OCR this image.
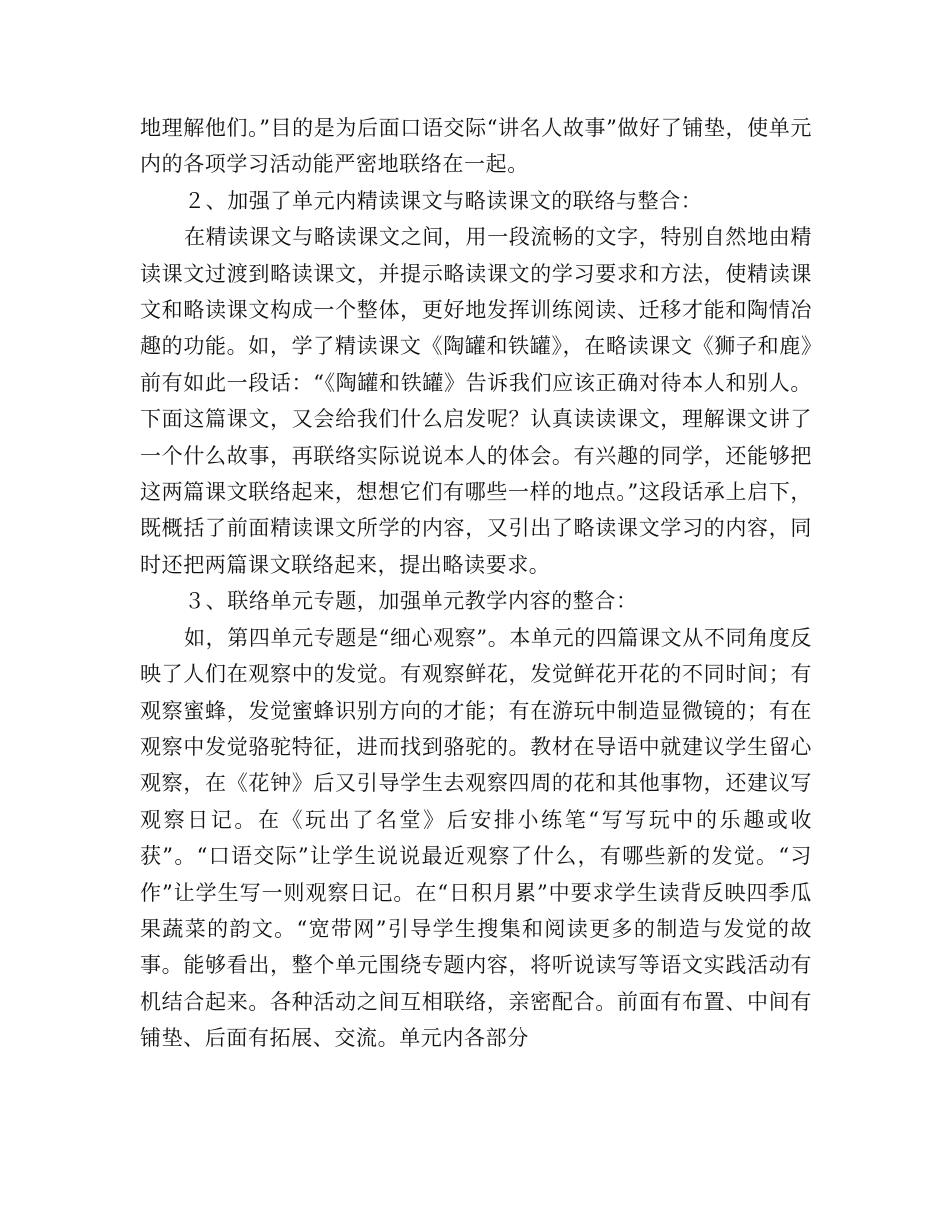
地理解他们。”目的是为后面口语交际“讲名人故事”做好了铺垫，使单元内的各项学习活动能严密地联络在一起。

２、加强了单元内精读课文与略读课文的联络与整合：

在精读课文与略读课文之间，用一段流畅的文字，特别自然地由精读课文过渡到略读课文，并提示略读课文的学习要求和方法，使精读课文和略读课文构成一个整体，更好地发挥训练阅读、迁移才能和陶情冶趣的功能。如，学了精读课文《陶罐和铁罐》，在略读课文《狮子和鹿》前有如此一段话：“《陶罐和铁罐》告诉我们应该正确对待本人和别人。下面这篇课文，又会给我们什么启发呢？认真读读课文，理解课文讲了一个什么故事，再联络实际说说本人的体会。有兴趣的同学，还能够把这两篇课文联络起来，想想它们有哪些一样的地点。”这段话承上启下，既概括了前面精读课文所学的内容，又引出了略读课文学习的内容，同时还把两篇课文联络起来，提出略读要求。

３、联络单元专题，加强单元教学内容的整合：

如，第四单元专题是“细心观察”。本单元的四篇课文从不同角度反映了人们在观察中的发觉。有观察鲜花，发觉鲜花开花的不同时间；有观察蜜蜂，发觉蜜蜂识别方向的才能；有在游玩中制造显微镜的；有在观察中发觉骆驼特征，进而找到骆驼的。教材在导语中就建议学生留心观察，在《花钟》后又引导学生去观察四周的花和其他事物，还建议写观察日记。在《玩出了名堂》后安排小练笔“写写玩中的乐趣或收获”。“口语交际”让学生说说最近观察了什么，有哪些新的发觉。“习作”让学生写一则观察日记。在“日积月累”中要求学生读背反映四季瓜果蔬菜的韵文。“宽带网”引导学生搜集和阅读更多的制造与发觉的故事。能够看出，整个单元围绕专题内容，将听说读写等语文实践活动有机结合起来。各种活动之间互相联络，亲密配合。前面有布置、中间有铺垫、后面有拓展、交流。单元内各部分
